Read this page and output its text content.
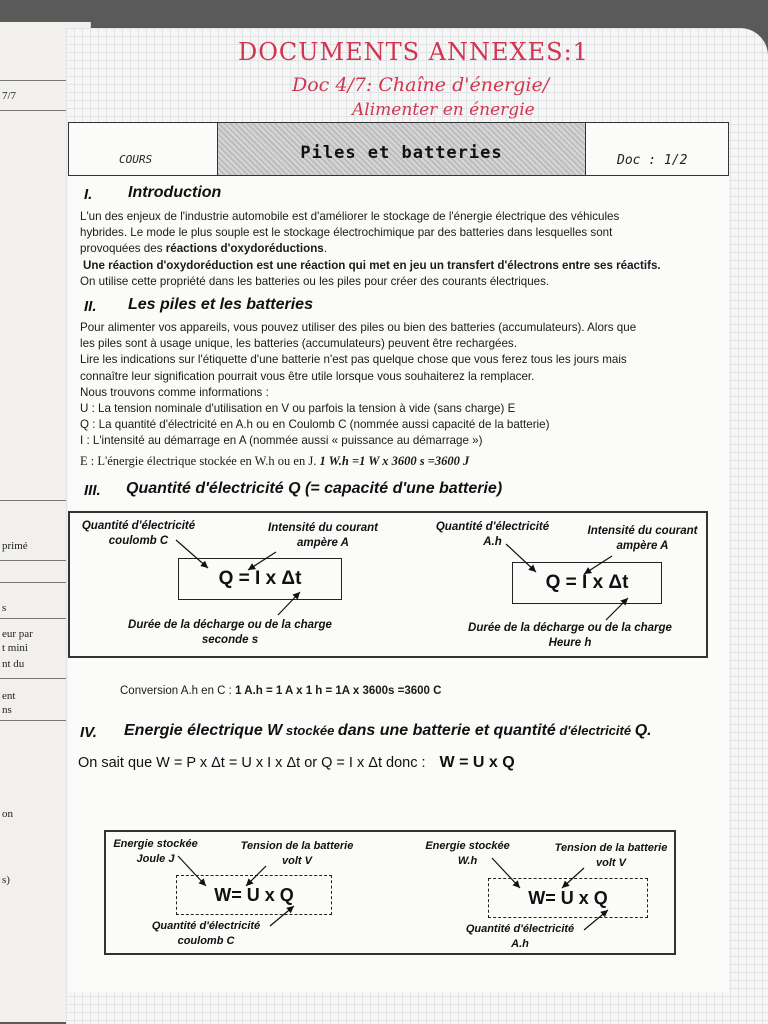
7/7
primé
s
eur par
t mini
nt du
ent
ns
on
s)
DOCUMENTS ANNEXES:1
Doc 4/7: Chaîne d'énergie/
Alimenter en énergie
COURS	Piles et batteries	Doc : 1/2
I. Introduction
L'un des enjeux de l'industrie automobile est d'améliorer le stockage de l'énergie électrique des véhicules
hybrides. Le mode le plus souple est le stockage électrochimique par des batteries dans lesquelles sont
provoquées des réactions d'oxydoréductions.
Une réaction d'oxydoréduction est une réaction qui met en jeu un transfert d'électrons entre ses réactifs.
On utilise cette propriété dans les batteries ou les piles pour créer des courants électriques.
II. Les piles et les batteries
Pour alimenter vos appareils, vous pouvez utiliser des piles ou bien des batteries (accumulateurs). Alors que
les piles sont à usage unique, les batteries (accumulateurs) peuvent être rechargées.
Lire les indications sur l'étiquette d'une batterie n'est pas quelque chose que vous ferez tous les jours mais
connaître leur signification pourrait vous être utile lorsque vous souhaiterez la remplacer.
Nous trouvons comme informations :
U : La tension nominale d'utilisation en V ou parfois la tension à vide (sans charge) E
Q : La quantité d'électricité en A.h ou en Coulomb C (nommée aussi capacité de la batterie)
I : L'intensité au démarrage en A (nommée aussi « puissance au démarrage »)
E : L'énergie électrique stockée en W.h ou en J. 1 W.h =1 W x 3600 s =3600 J
III. Quantité d'électricité Q (= capacité d'une batterie)
Quantité d'électricité
coulomb C
Intensité du courant
ampère A
Q = I x Δt
Durée de la décharge ou de la charge
seconde s
Quantité d'électricité
A.h
Intensité du courant
ampère A
Q = I x Δt
Durée de la décharge ou de la charge
Heure h
Conversion A.h en C : 1 A.h = 1 A x 1 h = 1A x 3600s =3600 C
IV. Energie électrique W stockée dans une batterie et quantité d'électricité Q.
On sait que W = P x Δt = U x I x Δt or Q = I x Δt donc : W = U x Q
Energie stockée
Joule J
Tension de la batterie
volt V
W= U x Q
Quantité d'électricité
coulomb C
Energie stockée
W.h
Tension de la batterie
volt V
W= U x Q
Quantité d'électricité
A.h
